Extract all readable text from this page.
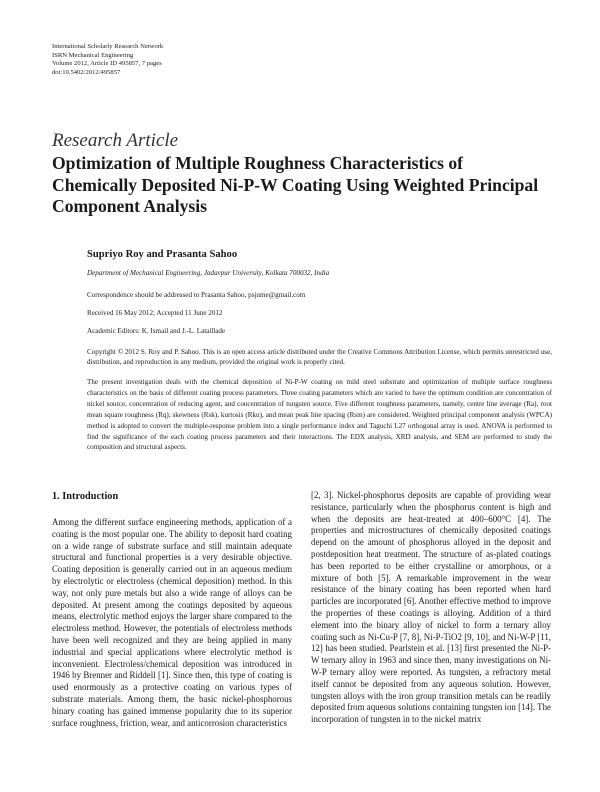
International Scholarly Research Network
ISRN Mechanical Engineering
Volume 2012, Article ID 495857, 7 pages
doi:10.5402/2012/495857
Research Article
Optimization of Multiple Roughness Characteristics of Chemically Deposited Ni-P-W Coating Using Weighted Principal Component Analysis
Supriyo Roy and Prasanta Sahoo
Department of Mechanical Engineering, Jadavpur University, Kolkata 700032, India
Correspondence should be addressed to Prasanta Sahoo, psjume@gmail.com
Received 16 May 2012; Accepted 11 June 2012
Academic Editors: K. Ismail and J.-L. Lataillade
Copyright © 2012 S. Roy and P. Sahoo. This is an open access article distributed under the Creative Commons Attribution License, which permits unrestricted use, distribution, and reproduction in any medium, provided the original work is properly cited.
The present investigation deals with the chemical deposition of Ni-P-W coating on mild steel substrate and optimization of multiple surface roughness characteristics on the basis of different coating process parameters. Three coating parameters which are varied to have the optimum condition are concentration of nickel source, concentration of reducing agent, and concentration of tungsten source. Five different roughness parameters, namely, centre line average (Ra), root mean square roughness (Rq), skewness (Rsk), kurtosis (Rku), and mean peak line spacing (Rsm) are considered. Weighted principal component analysis (WPCA) method is adopted to convert the multiple-response problem into a single performance index and Taguchi L27 orthogonal array is used. ANOVA is performed to find the significance of the each coating process parameters and their interactions. The EDX analysis, XRD analysis, and SEM are performed to study the composition and structural aspects.
1. Introduction

Among the different surface engineering methods, application of a coating is the most popular one. The ability to deposit hard coating on a wide range of substrate surface and still maintain adequate structural and functional properties is a very desirable objective. Coating deposition is generally carried out in an aqueous medium by electrolytic or electroless (chemical deposition) method. In this way, not only pure metals but also a wide range of alloys can be deposited. At present among the coatings deposited by aqueous means, electrolytic method enjoys the larger share compared to the electroless method. However, the potentials of electroless methods have been well recognized and they are being applied in many industrial and special applications where electrolytic method is inconvenient. Electroless/chemical deposition was introduced in 1946 by Brenner and Riddell [1]. Since then, this type of coating is used enormously as a protective coating on various types of substrate materials. Among them, the basic nickel-phosphorous binary coating has gained immense popularity due to its superior surface roughness, friction, wear, and anticorrosion characteristics

[2, 3]. Nickel-phosphorus deposits are capable of providing wear resistance, particularly when the phosphorus content is high and when the deposits are heat-treated at 400–600°C [4]. The properties and microstructures of chemically deposited coatings depend on the amount of phosphorus alloyed in the deposit and postdeposition heat treatment. The structure of as-plated coatings has been reported to be either crystalline or amorphous, or a mixture of both [5]. A remarkable improvement in the wear resistance of the binary coating has been reported when hard particles are incorporated [6]. Another effective method to improve the properties of these coatings is alloying. Addition of a third element into the binary alloy of nickel to form a ternary alloy coating such as Ni-Cu-P [7, 8], Ni-P-TiO2 [9, 10], and Ni-W-P [11, 12] has been studied. Pearlstein et al. [13] first presented the Ni-P-W ternary alloy in 1963 and since then, many investigations on Ni-W-P ternary alloy were reported. As tungsten, a refractory metal itself cannot be deposited from any aqueous solution. However, tungsten alloys with the iron group transition metals can be readily deposited from aqueous solutions containing tungsten ion [14]. The incorporation of tungsten in to the nickel matrix
